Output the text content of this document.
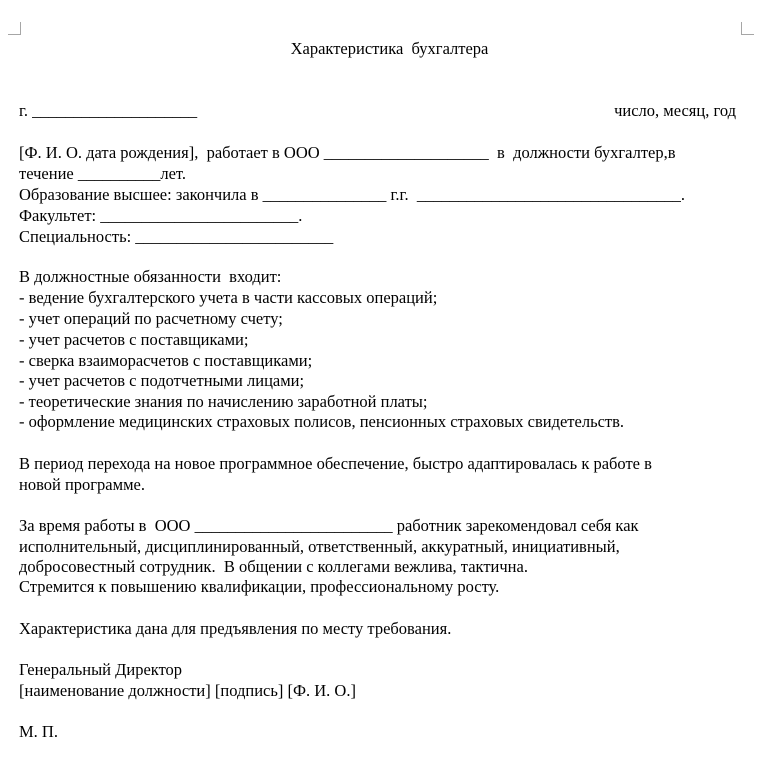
Характеристика  бухгалтера
г. ____________________	число, месяц, год
[Ф. И. О. дата рождения],  работает в ООО ____________________  в  должности бухгалтер,в
течение __________лет.
Образование высшее: закончила в _______________ г.г.  ________________________________.
Факультет: ________________________.
Специальность: ________________________
В должностные обязанности  входит:
- ведение бухгалтерского учета в части кассовых операций;
- учет операций по расчетному счету;
- учет расчетов с поставщиками;
- сверка взаиморасчетов с поставщиками;
- учет расчетов с подотчетными лицами;
- теоретические знания по начислению заработной платы;
- оформление медицинских страховых полисов, пенсионных страховых свидетельств.
В период перехода на новое программное обеспечение, быстро адаптировалась к работе в
новой программе.
За время работы в  ООО ________________________ работник зарекомендовал себя как
исполнительный, дисциплинированный, ответственный, аккуратный, инициативный,
добросовестный сотрудник.  В общении с коллегами вежлива, тактична.
Стремится к повышению квалификации, профессиональному росту.
Характеристика дана для предъявления по месту требования.
Генеральный Директор
[наименование должности] [подпись] [Ф. И. О.]
М. П.
